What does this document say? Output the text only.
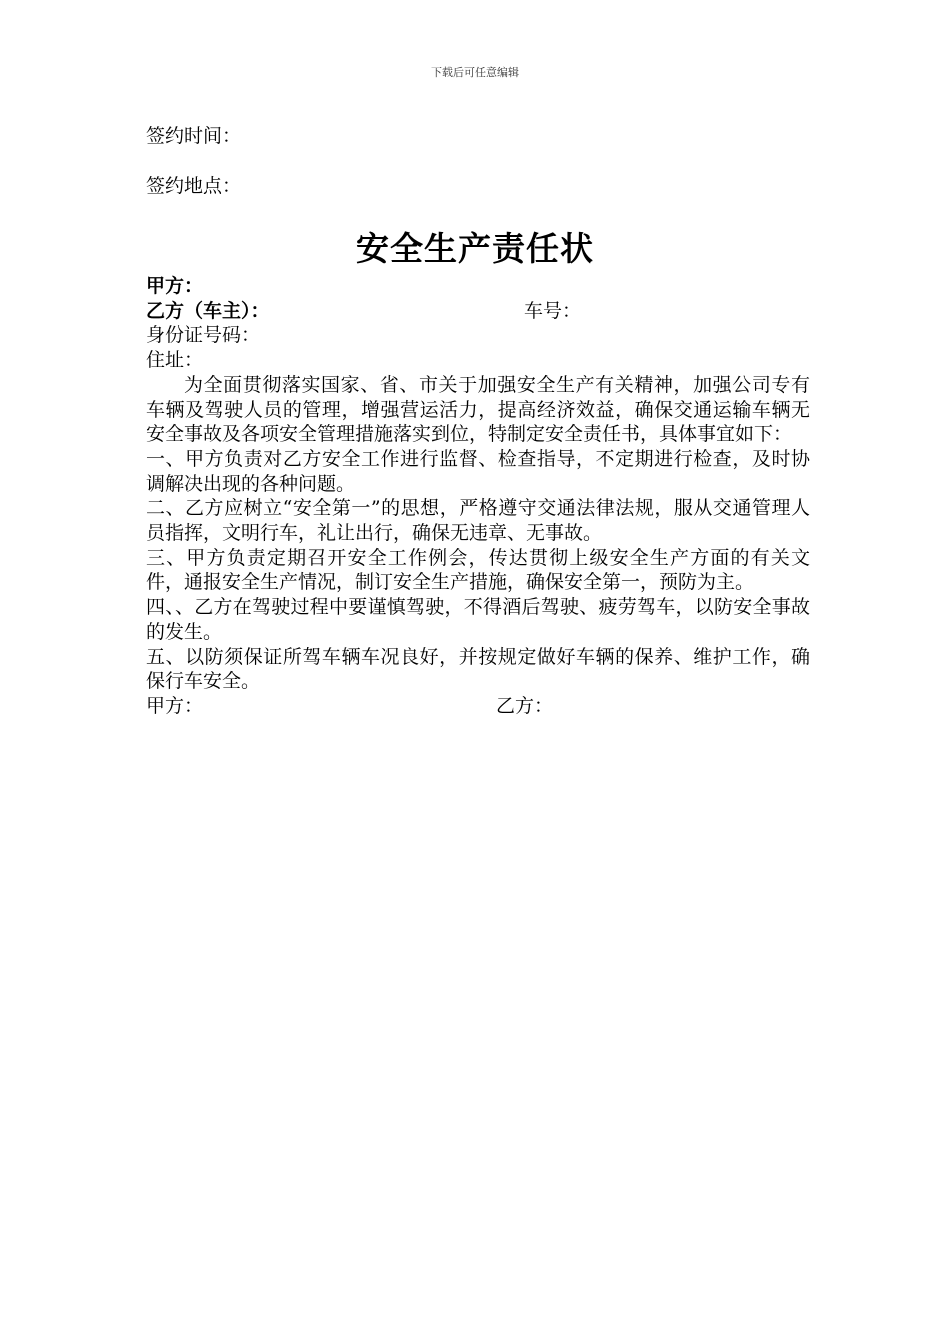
下载后可任意编辑
签约时间：
签约地点：
安全生产责任状
甲方：
乙方（车主）：	车号：
身份证号码：
住址：

为全面贯彻落实国家、省、市关于加强安全生产有关精神，加强公司专有车辆及驾驶人员的管理，增强营运活力，提高经济效益，确保交通运输车辆无安全事故及各项安全管理措施落实到位，特制定安全责任书，具体事宜如下：

一、甲方负责对乙方安全工作进行监督、检查指导，不定期进行检查，及时协调解决出现的各种问题。

二、乙方应树立“安全第一”的思想，严格遵守交通法律法规，服从交通管理人员指挥，文明行车，礼让出行，确保无违章、无事故。

三、甲方负责定期召开安全工作例会，传达贯彻上级安全生产方面的有关文件，通报安全生产情况，制订安全生产措施，确保安全第一，预防为主。

四、、乙方在驾驶过程中要谨慎驾驶，不得酒后驾驶、疲劳驾车，以防安全事故的发生。

五、以防须保证所驾车辆车况良好，并按规定做好车辆的保养、维护工作，确保行车安全。

甲方：	乙方：
